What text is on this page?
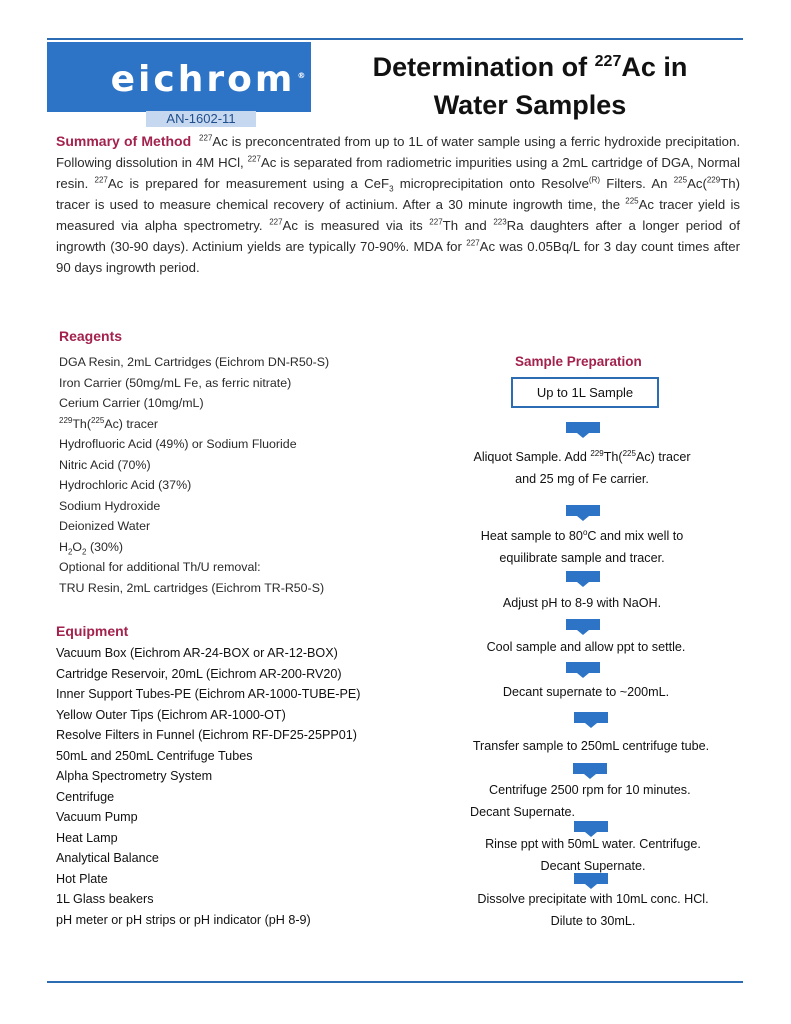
eichrom ®
AN-1602-11
Determination of $^{227}$Ac in
Water Samples
Summary of Method $^{227}$Ac is preconcentrated from up to 1L of water sample using a ferric hydroxide precipitation. Following dissolution in 4M HCl, $^{227}$Ac is separated from radiometric impurities using a 2mL cartridge of DGA, Normal resin. $^{227}$Ac is prepared for measurement using a CeF$_3$ microprecipitation onto Resolve$^{(R)}$ Filters. An $^{225}$Ac($^{229}$Th) tracer is used to measure chemical recovery of actinium. After a 30 minute ingrowth time, the $^{225}$Ac tracer yield is measured via alpha spectrometry. $^{227}$Ac is measured via its $^{227}$Th and $^{223}$Ra daughters after a longer period of ingrowth (30-90 days). Actinium yields are typically 70-90%. MDA for $^{227}$Ac was 0.05Bq/L for 3 day count times after 90 days ingrowth period.
Reagents
DGA Resin, 2mL Cartridges (Eichrom DN-R50-S)
Iron Carrier (50mg/mL Fe, as ferric nitrate)
Cerium Carrier (10mg/mL)
$^{229}$Th($^{225}$Ac) tracer
Hydrofluoric Acid (49%) or Sodium Fluoride
Nitric Acid (70%)
Hydrochloric Acid (37%)
Sodium Hydroxide
Deionized Water
$H_2O_2$ (30%)
Optional for additional Th/U removal:
TRU Resin, 2mL cartridges (Eichrom TR-R50-S)
Equipment
Vacuum Box (Eichrom AR-24-BOX or AR-12-BOX)
Cartridge Reservoir, 20mL (Eichrom AR-200-RV20)
Inner Support Tubes-PE (Eichrom AR-1000-TUBE-PE)
Yellow Outer Tips (Eichrom AR-1000-OT)
Resolve Filters in Funnel (Eichrom RF-DF25-25PP01)
50mL and 250mL Centrifuge Tubes
Alpha Spectrometry System
Centrifuge
Vacuum Pump
Heat Lamp
Analytical Balance
Hot Plate
1L Glass beakers
pH meter or pH strips or pH indicator (pH 8-9)
Sample Preparation
Up to 1L Sample
Aliquot Sample. Add $^{229}$Th($^{225}$Ac) tracer
and 25 mg of Fe carrier.
Heat sample to 80$^o$C and mix well to
equilibrate sample and tracer.
Adjust pH to 8-9 with NaOH.
Cool sample and allow ppt to settle.
Decant supernate to ~200mL.
Transfer sample to 250mL centrifuge tube.
Centrifuge 2500 rpm for 10 minutes.
Decant Supernate.
Rinse ppt with 50mL water. Centrifuge.
Decant Supernate.
Dissolve precipitate with 10mL conc. HCl.
Dilute to 30mL.
